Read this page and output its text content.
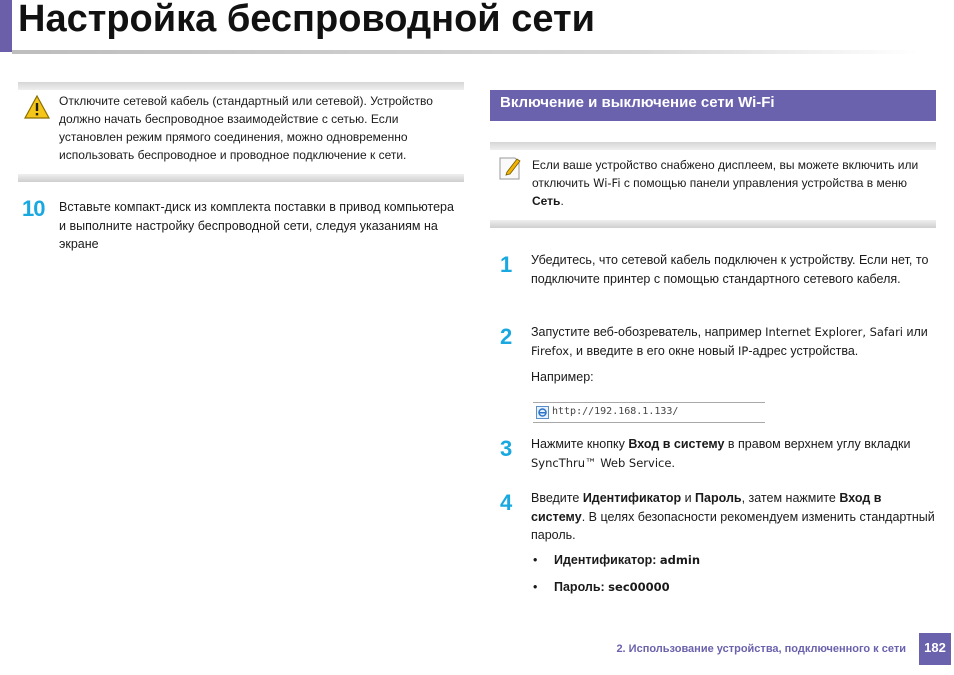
Настройка беспроводной сети
Отключите сетевой кабель (стандартный или сетевой). Устройство должно начать беспроводное взаимодействие с сетью. Если установлен режим прямого соединения, можно одновременно использовать беспроводное и проводное подключение к сети.
10 Вставьте компакт-диск из комплекта поставки в привод компьютера и выполните настройку беспроводной сети, следуя указаниям на экране
Включение и выключение сети Wi-Fi
Если ваше устройство снабжено дисплеем, вы можете включить или отключить Wi-Fi с помощью панели управления устройства в меню Сеть.
1 Убедитесь, что сетевой кабель подключен к устройству. Если нет, то подключите принтер с помощью стандартного сетевого кабеля.
2 Запустите веб-обозреватель, например Internet Explorer, Safari или Firefox, и введите в его окне новый IP-адрес устройства.
Например:
http://192.168.1.133/
3 Нажмите кнопку Вход в систему в правом верхнем углу вкладки SyncThru™ Web Service.
4 Введите Идентификатор и Пароль, затем нажмите Вход в системy. В целях безопасности рекомендуем изменить стандартный пароль.
• Идентификатор: admin
• Пароль: sec00000
2. Использование устройства, подключенного к сети	182
